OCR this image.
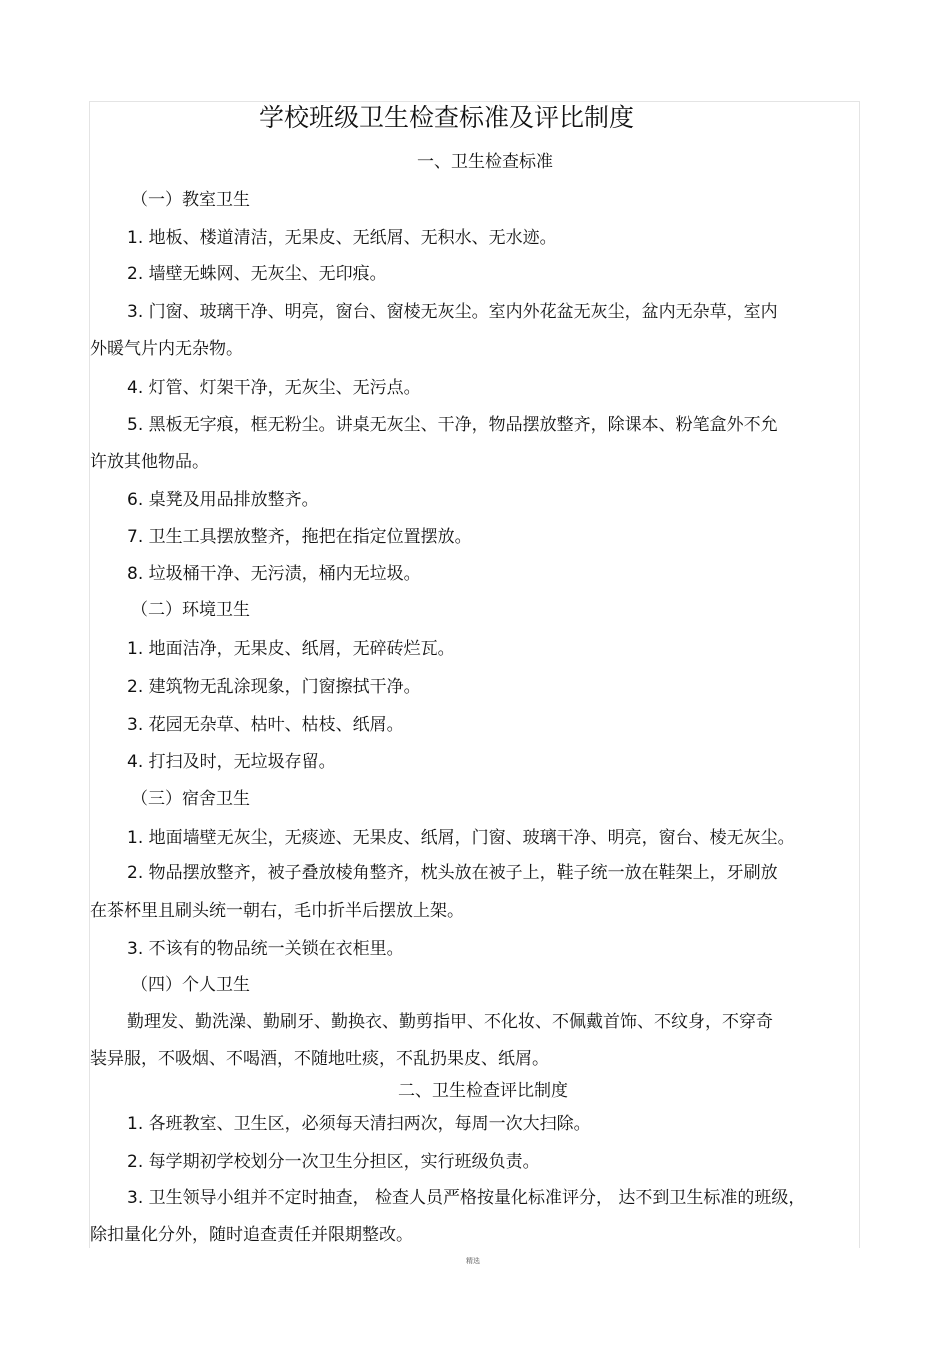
学校班级卫生检查标准及评比制度
一、卫生检查标准
（一）教室卫生
1. 地板、楼道清洁，无果皮、无纸屑、无积水、无水迹。
2. 墙壁无蛛网、无灰尘、无印痕。
3. 门窗、玻璃干净、明亮，窗台、窗棱无灰尘。室内外花盆无灰尘，盆内无杂草，室内
外暖气片内无杂物。
4. 灯管、灯架干净，无灰尘、无污点。
5. 黑板无字痕，框无粉尘。讲桌无灰尘、干净，物品摆放整齐，除课本、粉笔盒外不允
许放其他物品。
6. 桌凳及用品排放整齐。
7. 卫生工具摆放整齐，拖把在指定位置摆放。
8. 垃圾桶干净、无污渍，桶内无垃圾。
（二）环境卫生
1. 地面洁净，无果皮、纸屑，无碎砖烂瓦。
2. 建筑物无乱涂现象，门窗擦拭干净。
3. 花园无杂草、枯叶、枯枝、纸屑。
4. 打扫及时，无垃圾存留。
（三）宿舍卫生
1. 地面墙壁无灰尘，无痰迹、无果皮、纸屑，门窗、玻璃干净、明亮，窗台、棱无灰尘。
2. 物品摆放整齐，被子叠放棱角整齐，枕头放在被子上，鞋子统一放在鞋架上，牙刷放
在茶杯里且刷头统一朝右，毛巾折半后摆放上架。
3. 不该有的物品统一关锁在衣柜里。
（四）个人卫生
勤理发、勤洗澡、勤刷牙、勤换衣、勤剪指甲、不化妆、不佩戴首饰、不纹身，不穿奇
装异服，不吸烟、不喝酒，不随地吐痰，不乱扔果皮、纸屑。
二、卫生检查评比制度
1. 各班教室、卫生区，必须每天清扫两次，每周一次大扫除。
2. 每学期初学校划分一次卫生分担区，实行班级负责。
3. 卫生领导小组并不定时抽查， 检查人员严格按量化标准评分， 达不到卫生标准的班级，
除扣量化分外，随时追查责任并限期整改。
精选
